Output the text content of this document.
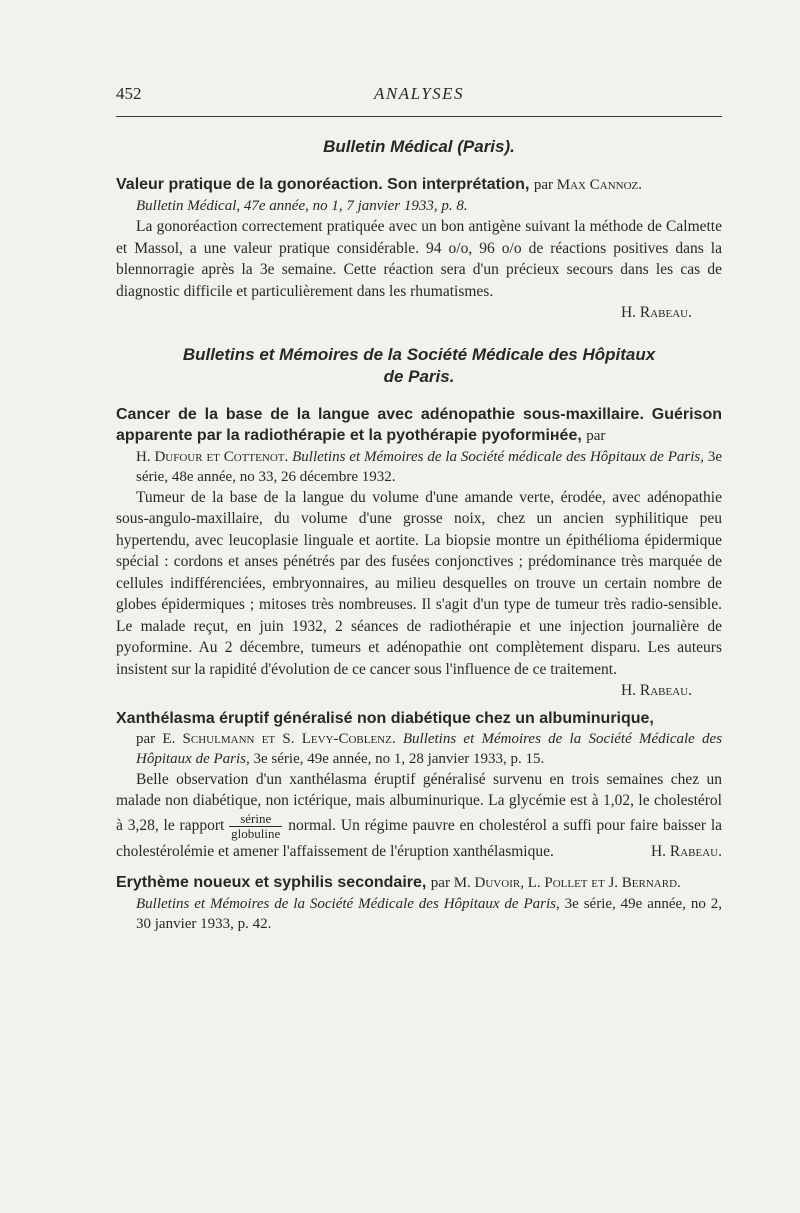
452	ANALYSES
Bulletin Médical (Paris).
Valeur pratique de la gonoréaction. Son interprétation, par Max Cannoz.
Bulletin Médical, 47e année, no 1, 7 janvier 1933, p. 8.

La gonoréaction correctement pratiquée avec un bon antigène suivant la méthode de Calmette et Massol, a une valeur pratique considérable. 94 o/o, 96 o/o de réactions positives dans la blennorragie après la 3e semaine. Cette réaction sera d'un précieux secours dans les cas de diagnostic difficile et particulièrement dans les rhumatismes.

H. Rabeau.
Bulletins et Mémoires de la Société Médicale des Hôpitaux
de Paris.
Cancer de la base de la langue avec adénopathie sous-maxillaire. Guérison apparente par la radiothérapie et la pyothérapie pyoformінée, par
H. Dufour et Cottenot. Bulletins et Mémoires de la Société médicale des Hôpitaux de Paris, 3e série, 48e année, no 33, 26 décembre 1932.

Tumeur de la base de la langue du volume d'une amande verte, érodée, avec adénopathie sous-angulo-maxillaire, du volume d'une grosse noix, chez un ancien syphilitique peu hypertendu, avec leucoplasie linguale et aortite. La biopsie montre un épithélioma épidermique spécial : cordons et anses pénétrés par des fusées conjonctives ; prédominance très marquée de cellules indifférenciées, embryonnaires, au milieu desquelles on trouve un certain nombre de globes épidermiques ; mitoses très nombreuses. Il s'agit d'un type de tumeur très radio-sensible. Le malade reçut, en juin 1932, 2 séances de radiothérapie et une injection journalière de pyoformine. Au 2 décembre, tumeurs et adénopathie ont complètement disparu. Les auteurs insistent sur la rapidité d'évolution de ce cancer sous l'influence de ce traitement.

H. Rabeau.
Xanthélasma éruptif généralisé non diabétique chez un albuminurique,
par E. Schulmann et S. Levy-Coblenz. Bulletins et Mémoires de la Société Médicale des Hôpitaux de Paris, 3e série, 49e année, no 1, 28 janvier 1933, p. 15.

Belle observation d'un xanthélasma éruptif généralisé survenu en trois semaines chez un malade non diabétique, non ictérique, mais albuminurique. La glycémie est à 1,02, le cholestérol à 3,28, le rapport $\frac{\text{sérine}}{\text{globuline}}$ normal. Un régime pauvre en cholestérol a suffi pour faire baisser la cholestérolémie et amener l'affaissement de l'éruption xanthélasmique.	H. Rabeau.
Erythème noueux et syphilis secondaire, par M. Duvoir, L. Pollet et J. Bernard.
Bulletins et Mémoires de la Société Médicale des Hôpitaux de Paris, 3e série, 49e année, no 2, 30 janvier 1933, p. 42.
